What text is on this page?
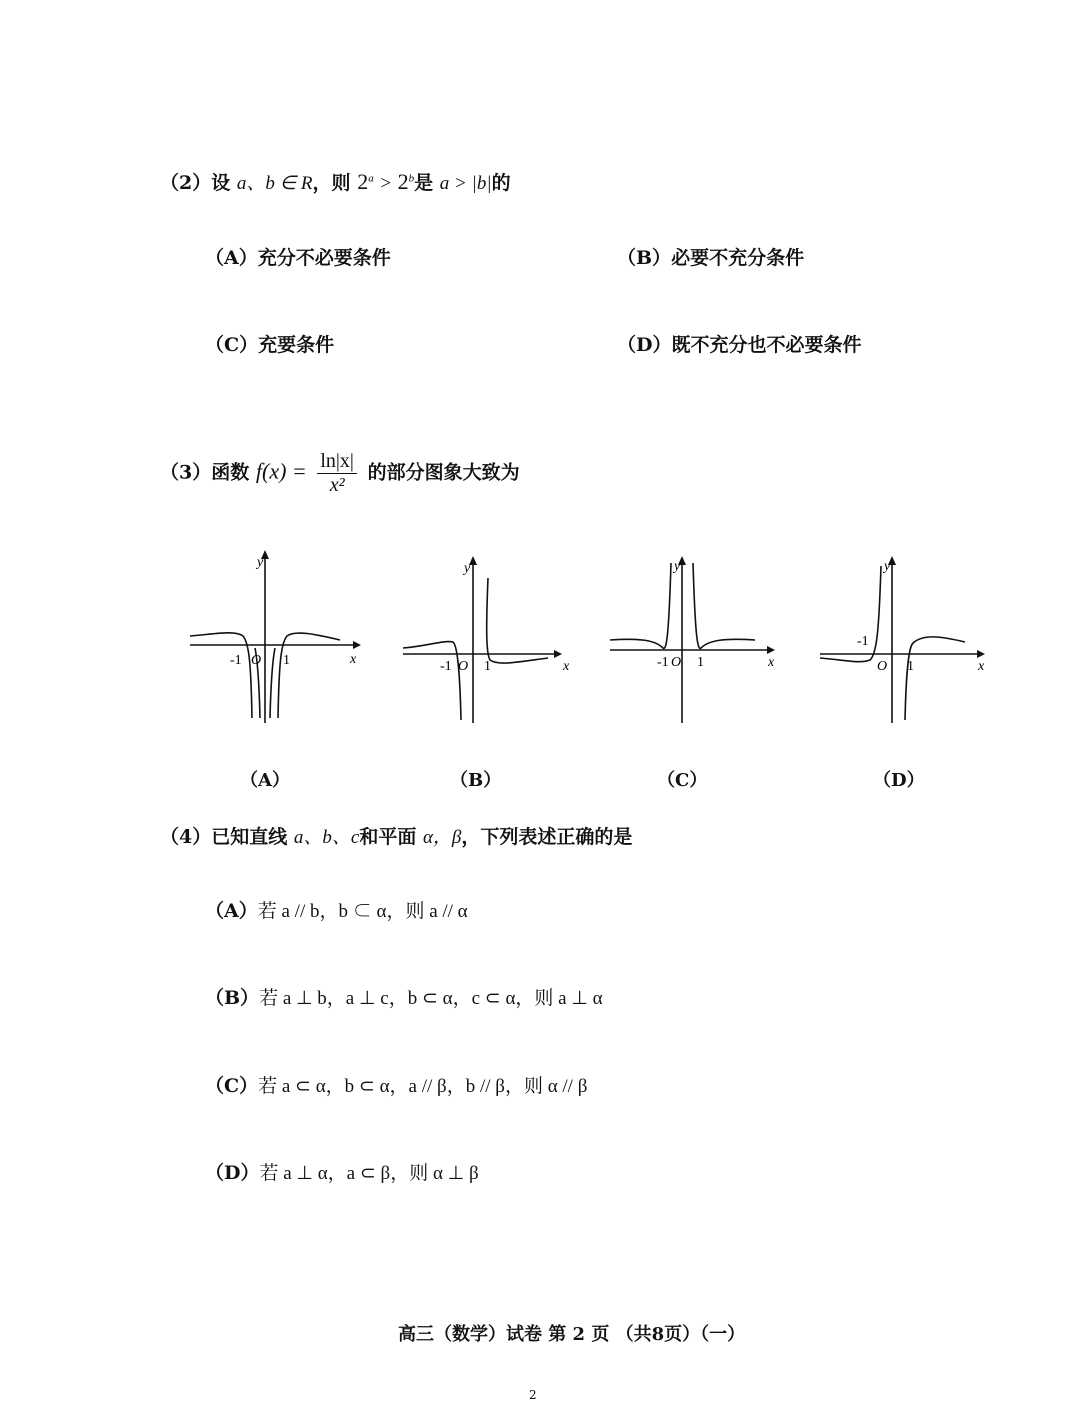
（2）设 a、b ∈ R，则 $2^a > 2^b$是 a > |b|的
（A）充分不必要条件	（B）必要不充分条件
（C）充要条件	（D）既不充分也不必要条件
（3）函数 $f(x) = \frac{\ln|x|}{\text{x²}}$ 的部分图象大致为
y
x
-1 O 1
y
x
-1 O 1
y
x
-1 O 1
y
x
-1
O 1
（A）	（B）	（C）	（D）
（4）已知直线 a、b、c和平面 α，β，下列表述正确的是
（A）若 a // b，b ⊂ α，则 a // α
（B）若 a ⊥ b，a ⊥ c，b ⊂ α，c ⊂ α，则 a ⊥ α
（C）若 a ⊂ α，b ⊂ α，a // β，b // β，则 α // β
（D）若 a ⊥ α，a ⊂ β，则 α ⊥ β
高三（数学）试卷 第 2 页 （共8页）（一）
2
